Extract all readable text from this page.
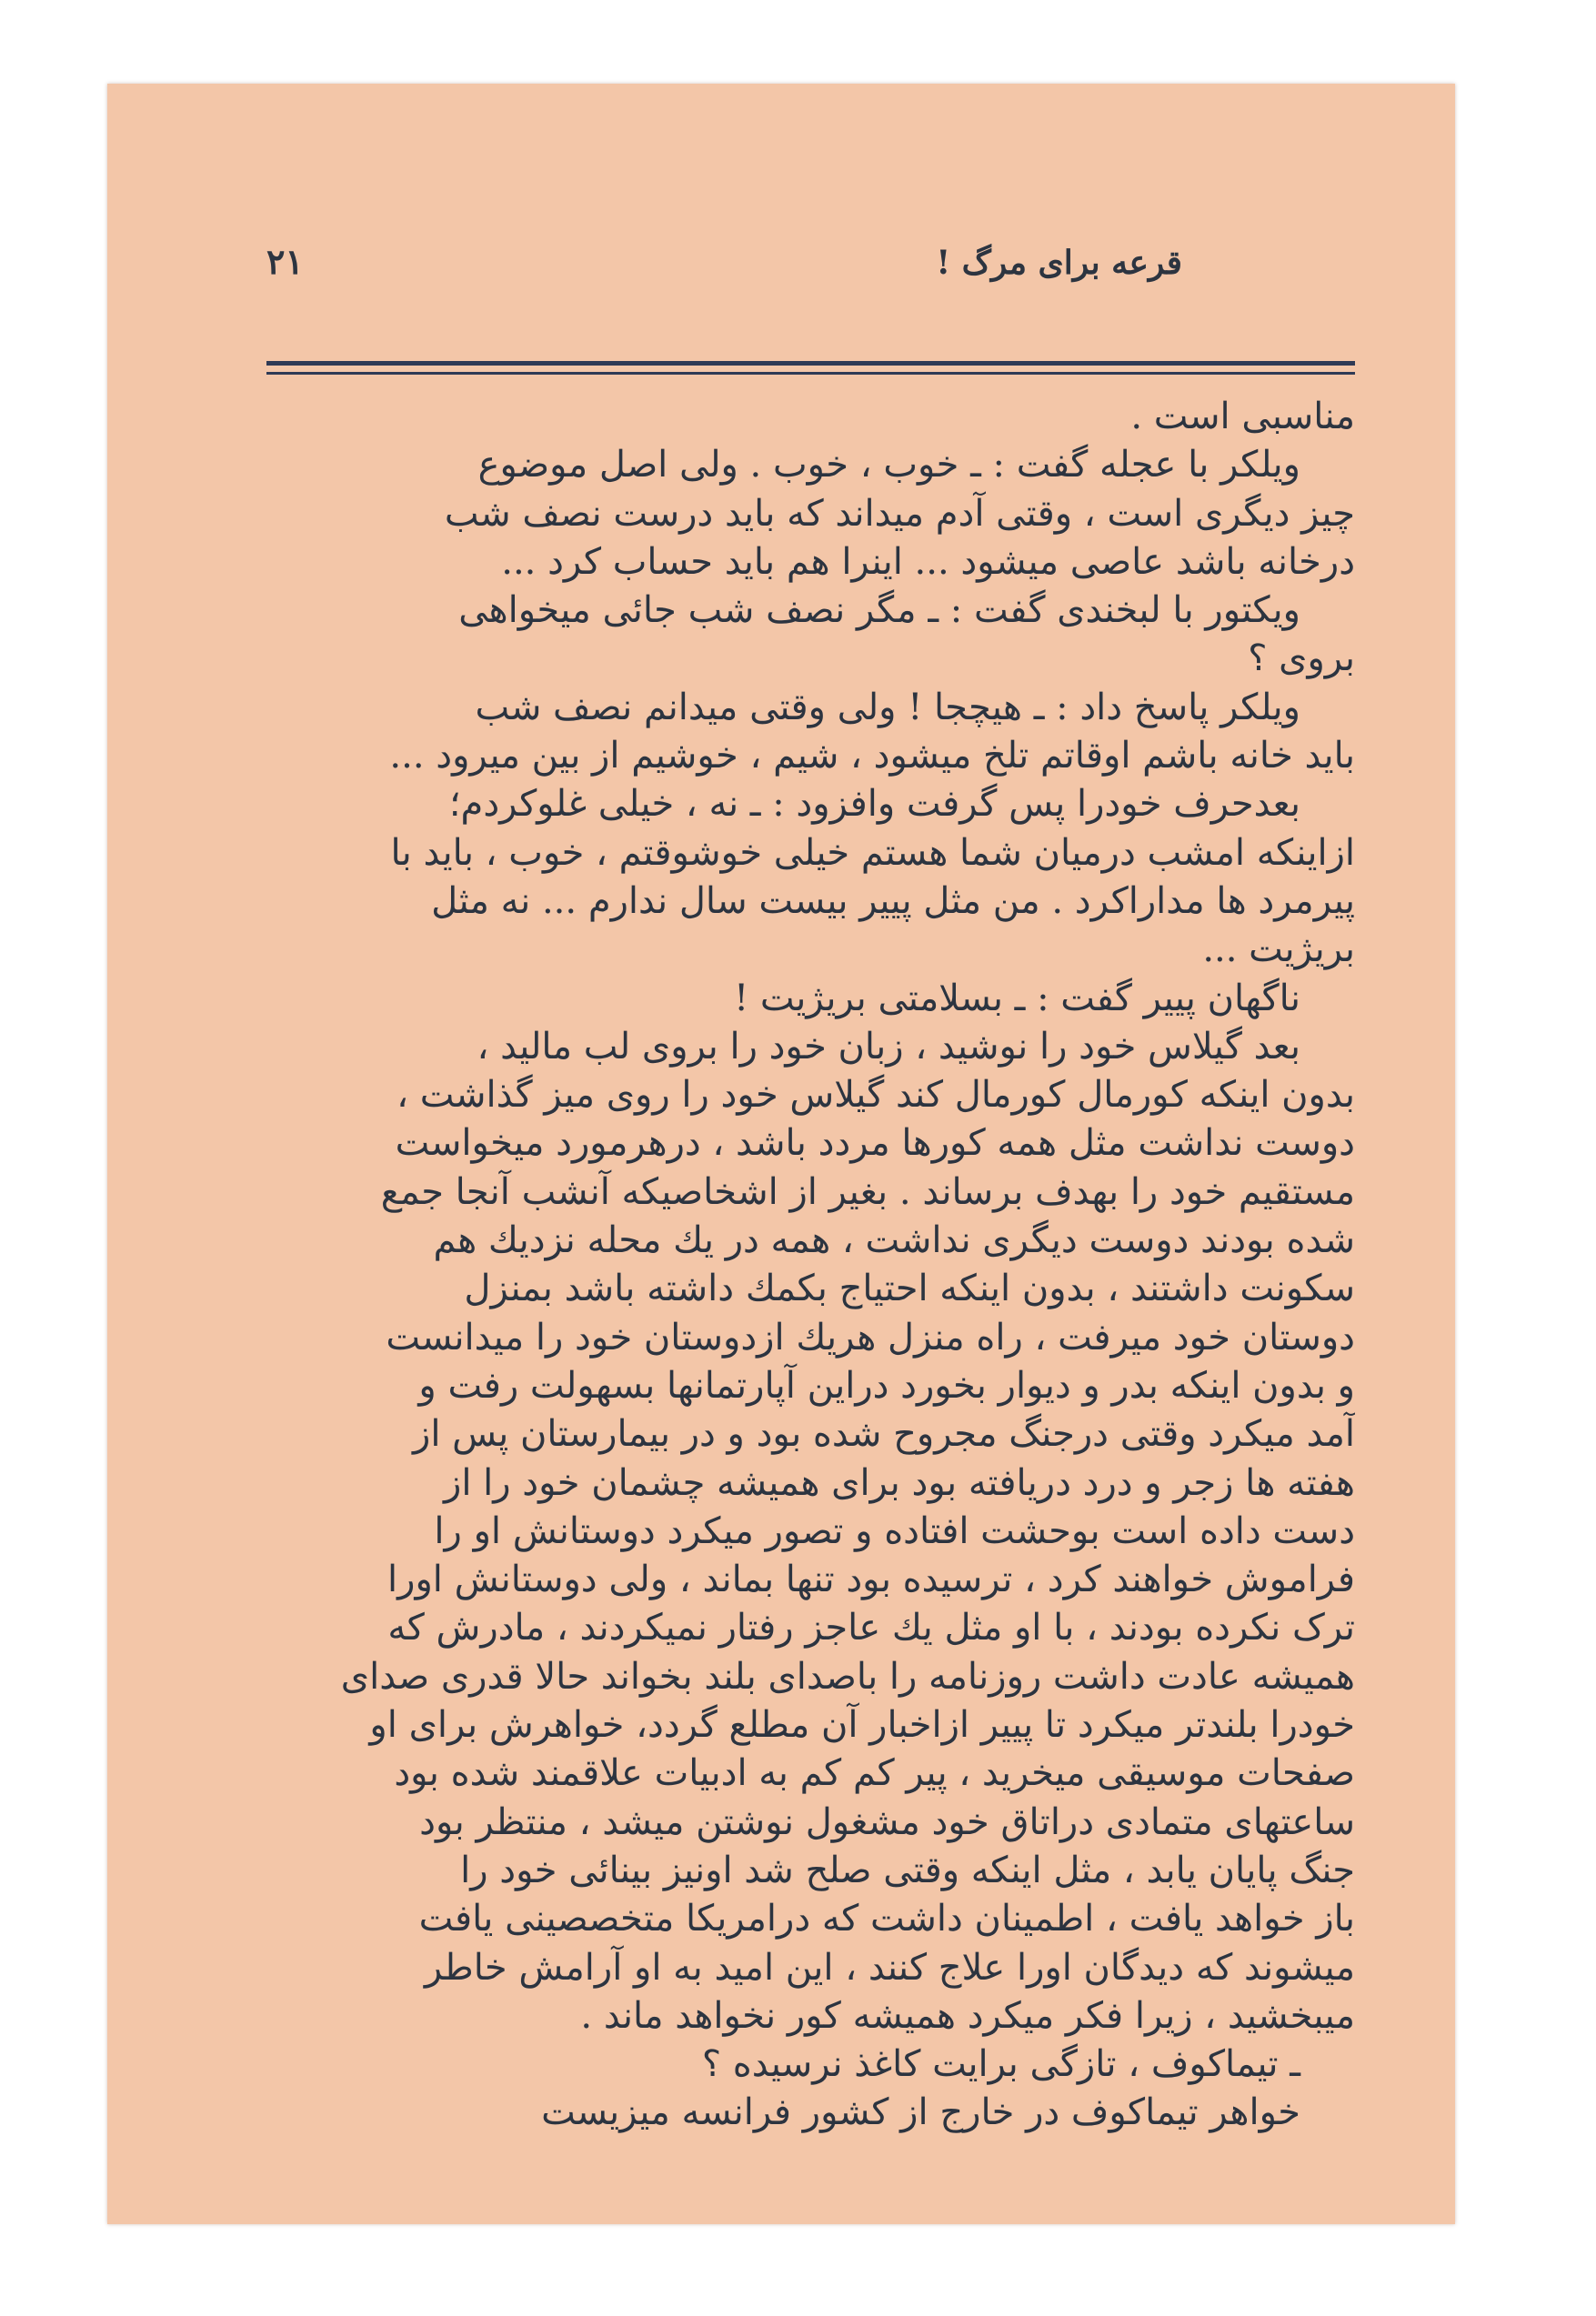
قرعه برای مرگ !
۲۱
مناسبی است .
ویلکر با عجله گفت : ـ خوب ، خوب . ولی اصل موضوع
چیز دیگری است ، وقتی آدم میداند که باید درست نصف شب
درخانه باشد عاصی میشود ... اینرا هم باید حساب کرد ...
ویکتور با لبخندی گفت : ـ مگر نصف شب جائی میخواهی
بروی ؟
ویلکر پاسخ داد : ـ هیچجا ! ولی وقتی میدانم نصف شب
باید خانه باشم اوقاتم تلخ میشود ، شیم ، خوشیم از بین میرود ...
بعدحرف خودرا پس گرفت وافزود : ـ نه ، خیلی غلوکردم؛
ازاینکه امشب درمیان شما هستم خیلی خوشوقتم ، خوب ، باید با
پیرمرد ها مداراکرد . من مثل پییر بیست سال ندارم ... نه مثل
بریژیت ...
ناگهان پییر گفت : ـ بسلامتی بریژیت !
بعد گیلاس خود را نوشید ، زبان خود را بروی لب مالید ،
بدون اینکه کورمال کورمال کند گیلاس خود را روی میز گذاشت ،
دوست نداشت مثل همه کورها مردد باشد ، درهرمورد میخواست
مستقیم خود را بهدف برساند . بغیر از اشخاصیکه آنشب آنجا جمع
شده بودند دوست دیگری نداشت ، همه در یك محله نزدیك هم
سکونت داشتند ، بدون اینکه احتیاج بکمك داشته باشد بمنزل
دوستان خود میرفت ، راه منزل هریك ازدوستان خود را میدانست
و بدون اینکه بدر و دیوار بخورد دراین آپارتمانها بسهولت رفت و
آمد میکرد وقتی درجنگ مجروح شده بود و در بیمارستان پس از
هفته ها زجر و درد دریافته بود برای همیشه چشمان خود را از
دست داده است بوحشت افتاده و تصور میکرد دوستانش او را
فراموش خواهند کرد ، ترسیده بود تنها بماند ، ولی دوستانش اورا
ترک نکرده بودند ، با او مثل یك عاجز رفتار نمیکردند ، مادرش که
همیشه عادت داشت روزنامه را باصدای بلند بخواند حالا قدری صدای
خودرا بلندتر میکرد تا پییر ازاخبار آن مطلع گردد، خواهرش برای او
صفحات موسیقی میخرید ، پیر کم کم به ادبیات علاقمند شده بود
ساعتهای متمادی دراتاق خود مشغول نوشتن میشد ، منتظر بود
جنگ پایان یابد ، مثل اینکه وقتی صلح شد اونیز بینائی خود را
باز خواهد یافت ، اطمینان داشت که درامریکا متخصصینی یافت
میشوند که دیدگان اورا علاج کنند ، این امید به او آرامش خاطر
میبخشید ، زیرا فکر میکرد همیشه کور نخواهد ماند .
ـ تیماکوف ، تازگی برایت کاغذ نرسیده ؟
خواهر تیماکوف در خارج از کشور فرانسه میزیست
